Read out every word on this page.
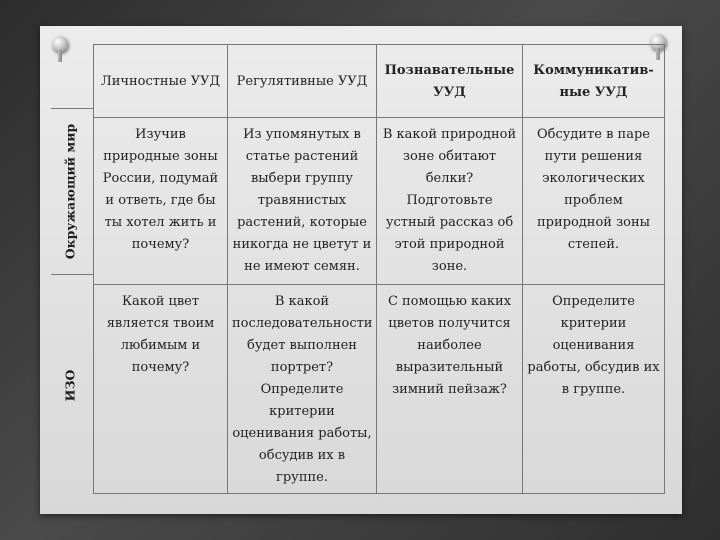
Окружающий мир
ИЗО
Личностные УУД	Регулятивные УУД	Познавательные УУД	Коммуникатив-ные УУД
Изучив природные зоны России, подумай и ответь, где бы ты хотел жить и почему?	Из упомянутых в статье растений выбери группу травянистых растений, которые никогда не цветут и не имеют семян.	В какой природной зоне обитают белки? Подготовьте устный рассказ об этой природной зоне.	Обсудите в паре пути решения экологических проблем природной зоны степей.
Какой цвет является твоим любимым и почему?	В какой последовательности будет выполнен портрет? Определите критерии оценивания работы, обсудив их в группе.	С помощью каких цветов получится наиболее выразительный зимний пейзаж?	Определите критерии оценивания работы, обсудив их в группе.
